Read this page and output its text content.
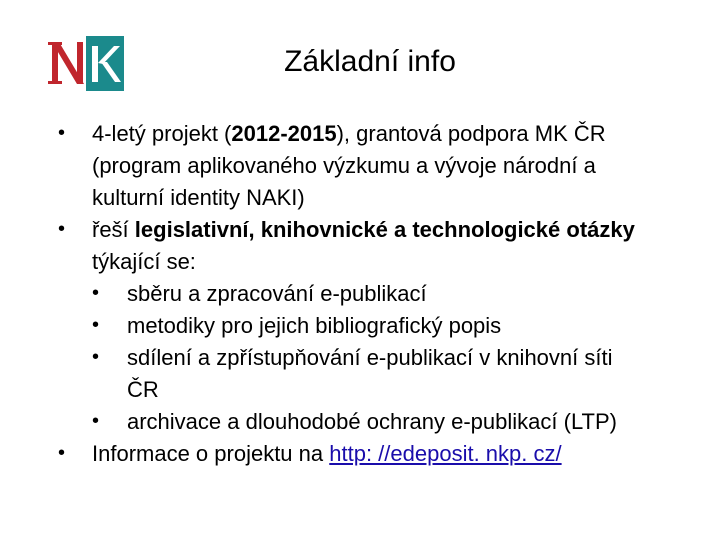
Základní info
• 4-letý projekt (2012-2015), grantová podpora MK ČR
(program aplikovaného výzkumu a vývoje národní a
kulturní identity NAKI)
• řeší legislativní, knihovnické a technologické otázky
týkající se:
• sběru a zpracování e-publikací
• metodiky pro jejich bibliografický popis
• sdílení a zpřístupňování e-publikací v knihovní síti
ČR
• archivace a dlouhodobé ochrany e-publikací (LTP)
• Informace o projektu na http: //edeposit. nkp. cz/
